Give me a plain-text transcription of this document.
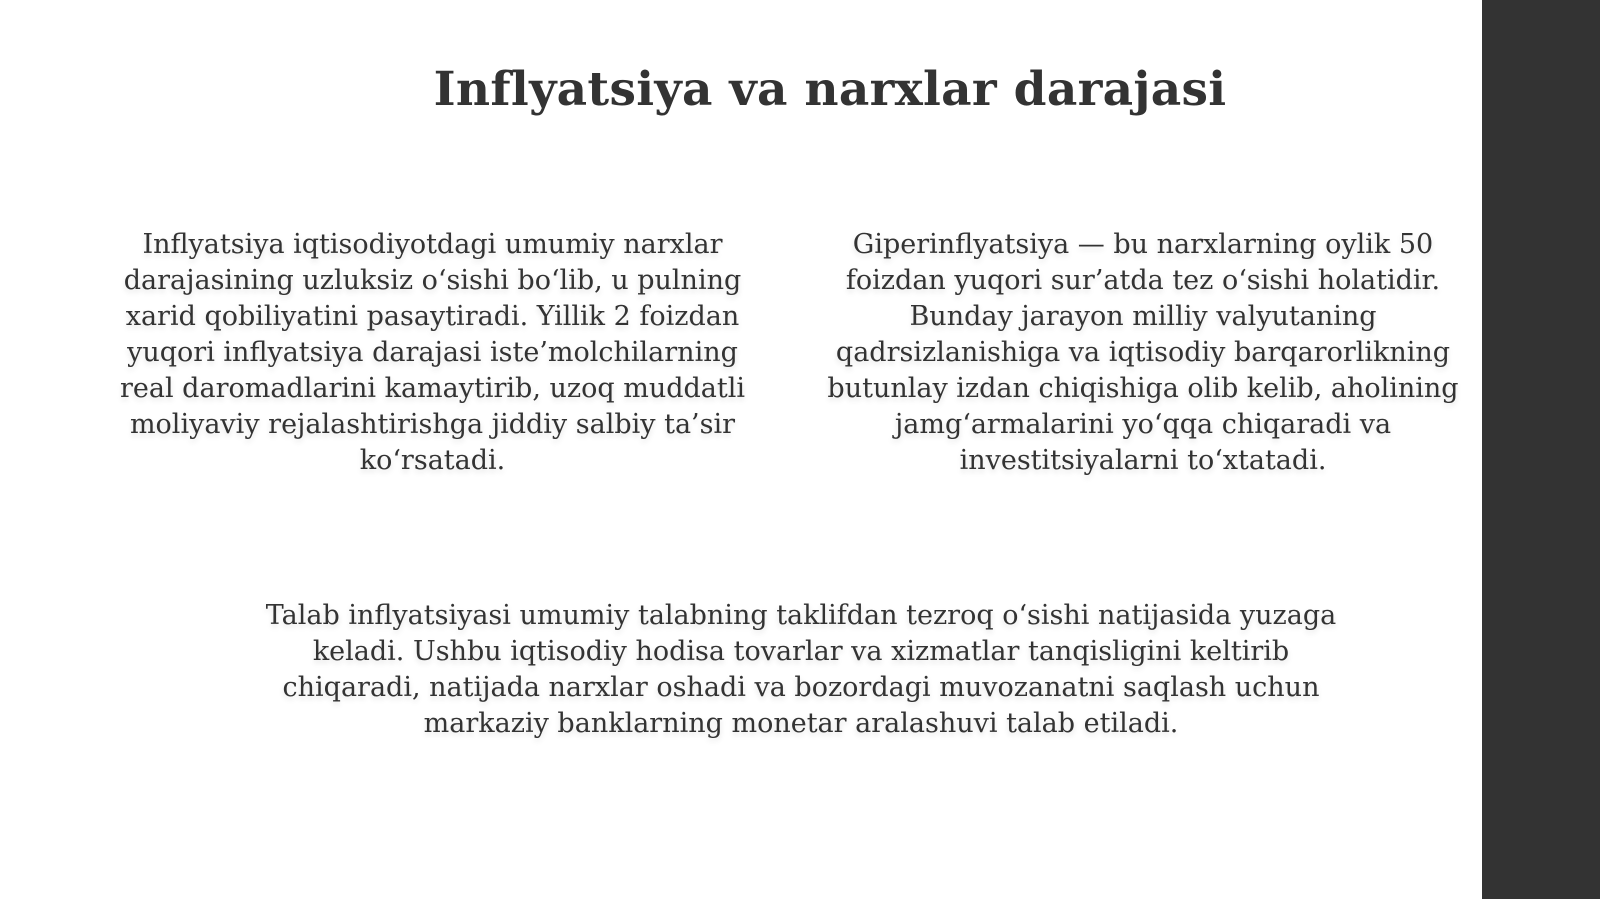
Inflyatsiya va narxlar darajasi

Inflyatsiya iqtisodiyotdagi umumiy narxlar darajasining uzluksiz o‘sishi bo‘lib, u pulning xarid qobiliyatini pasaytiradi. Yillik 2 foizdan yuqori inflyatsiya darajasi iste’molchilarning real daromadlarini kamaytirib, uzoq muddatli moliyaviy rejalashtirishga jiddiy salbiy ta’sir ko‘rsatadi.

Giperinflyatsiya — bu narxlarning oylik 50 foizdan yuqori sur’atda tez o‘sishi holatidir. Bunday jarayon milliy valyutaning qadrsizlanishiga va iqtisodiy barqarorlikning butunlay izdan chiqishiga olib kelib, aholining jamg‘armalarini yo‘qqa chiqaradi va investitsiyalarni to‘xtatadi.

Talab inflyatsiyasi umumiy talabning taklifdan tezroq o‘sishi natijasida yuzaga keladi. Ushbu iqtisodiy hodisa tovarlar va xizmatlar tanqisligini keltirib chiqaradi, natijada narxlar oshadi va bozordagi muvozanatni saqlash uchun markaziy banklarning monetar aralashuvi talab etiladi.
